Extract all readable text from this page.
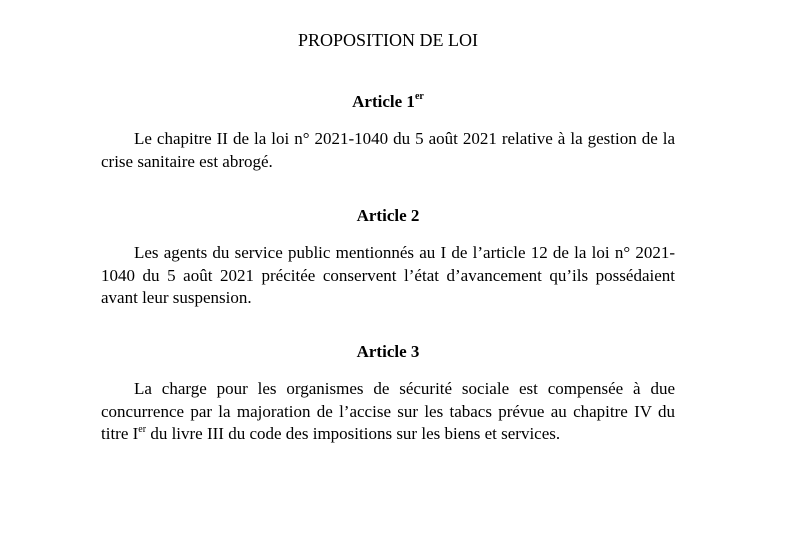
PROPOSITION DE LOI
Article 1er

Le chapitre II de la loi n° 2021-1040 du 5 août 2021 relative à la gestion de la crise sanitaire est abrogé.

Article 2

Les agents du service public mentionnés au I de l’article 12 de la loi n° 2021-1040 du 5 août 2021 précitée conservent l’état d’avancement qu’ils possédaient avant leur suspension.

Article 3

La charge pour les organismes de sécurité sociale est compensée à due concurrence par la majoration de l’accise sur les tabacs prévue au chapitre IV du titre Ier du livre III du code des impositions sur les biens et services.
